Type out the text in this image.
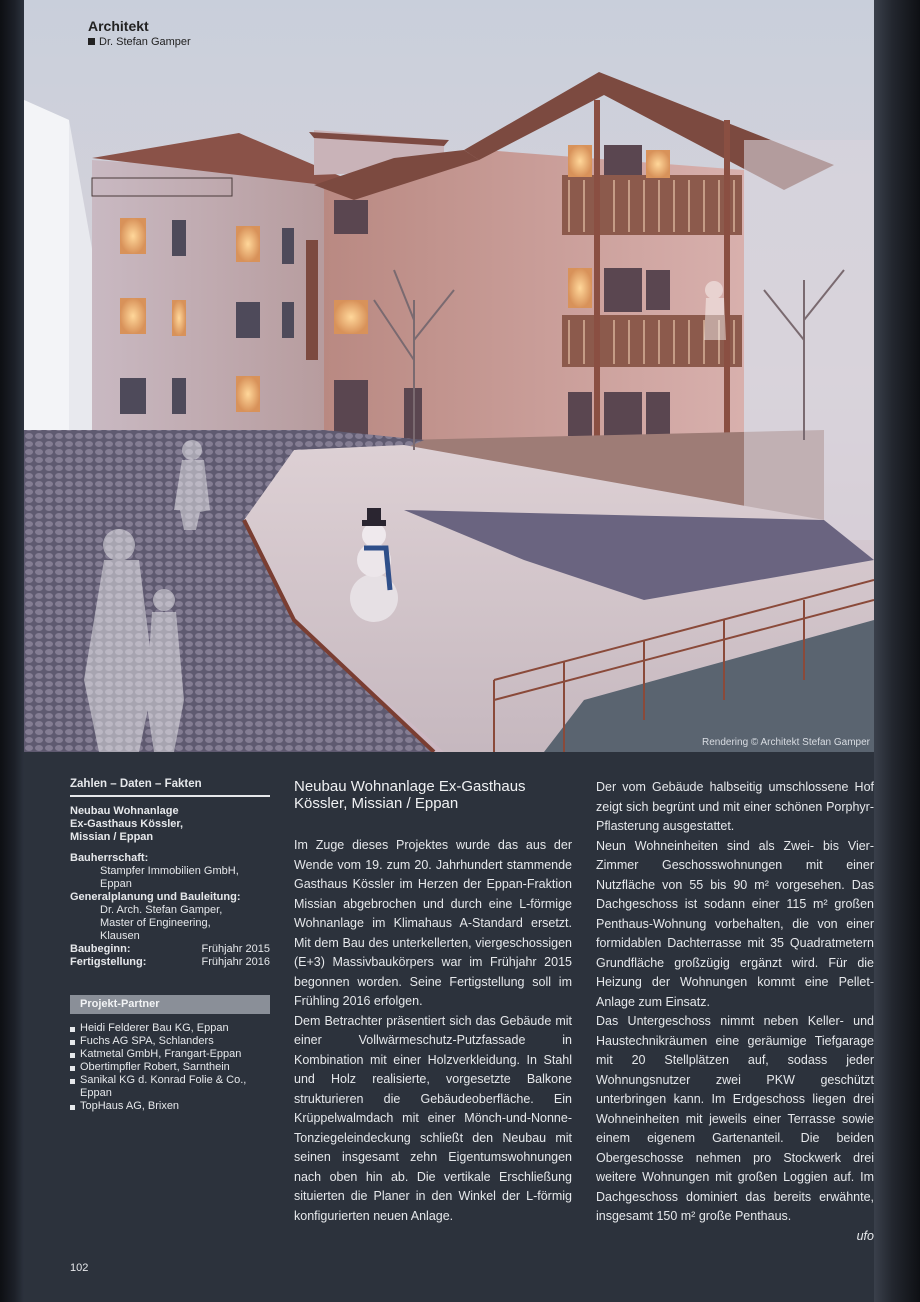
Architekt
Dr. Stefan Gamper
Rendering © Architekt Stefan Gamper
Zahlen – Daten – Fakten
Neubau Wohnanlage
Ex-Gasthaus Kössler,
Missian / Eppan
Bauherrschaft:
Stampfer Immobilien GmbH,
Eppan
Generalplanung und Bauleitung:
Dr. Arch. Stefan Gamper,
Master of Engineering,
Klausen
Baubeginn:	Frühjahr 2015
Fertigstellung:	Frühjahr 2016
Projekt-Partner
Heidi Felderer Bau KG, Eppan
Fuchs AG SPA, Schlanders
Katmetal GmbH, Frangart-Eppan
Obertimpfler Robert, Sarnthein
Sanikal KG d. Konrad Folie & Co., Eppan
TopHaus AG, Brixen
Neubau Wohnanlage Ex-Gasthaus
Kössler, Missian / Eppan

Im Zuge dieses Projektes wurde das aus der Wende vom 19. zum 20. Jahrhundert stammende Gasthaus Kössler im Herzen der Eppan-Fraktion Missian abgebrochen und durch eine L-förmige Wohnanlage im Klimahaus A-Standard ersetzt. Mit dem Bau des unterkellerten, viergeschossigen (E+3) Massivbaukörpers war im Frühjahr 2015 begonnen worden. Seine Fertigstellung soll im Frühling 2016 erfolgen.

Dem Betrachter präsentiert sich das Gebäude mit einer Vollwärmeschutz-Putzfassade in Kombination mit einer Holzverkleidung. In Stahl und Holz realisierte, vorgesetzte Balkone strukturieren die Gebäudeoberfläche. Ein Krüppelwalmdach mit einer Mönch-und-Nonne-Tonziegeleindeckung schließt den Neubau mit seinen insgesamt zehn Eigentumswohnungen nach oben hin ab. Die vertikale Erschließung situierten die Planer in den Winkel der L-förmig konfigurierten neuen Anlage.

Der vom Gebäude halbseitig umschlossene Hof zeigt sich begrünt und mit einer schönen Porphyr-Pflasterung ausgestattet.

Neun Wohneinheiten sind als Zwei- bis Vier-Zimmer Geschosswohnungen mit einer Nutzfläche von 55 bis 90 m² vorgesehen. Das Dachgeschoss ist sodann einer 115 m² großen Penthaus-Wohnung vorbehalten, die von einer formidablen Dachterrasse mit 35 Quadratmetern Grundfläche großzügig ergänzt wird. Für die Heizung der Wohnungen kommt eine Pellet-Anlage zum Einsatz.

Das Untergeschoss nimmt neben Keller- und Haustechnikräumen eine geräumige Tiefgarage mit 20 Stellplätzen auf, sodass jeder Wohnungsnutzer zwei PKW geschützt unterbringen kann. Im Erdgeschoss liegen drei Wohneinheiten mit jeweils einer Terrasse sowie einem eigenem Gartenanteil. Die beiden Obergeschosse nehmen pro Stockwerk drei weitere Wohnungen mit großen Loggien auf. Im Dachgeschoss dominiert das bereits erwähnte, insgesamt 150 m² große Penthaus.

ufo
102
